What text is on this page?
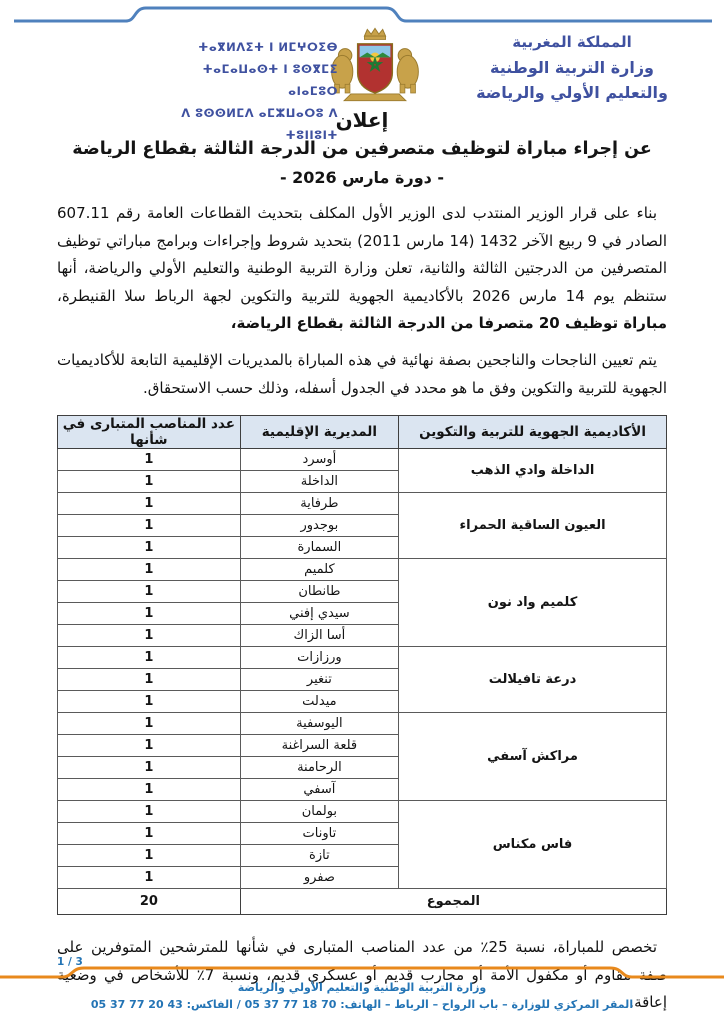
المملكة المغربية
وزارة التربية الوطنية
والتعليم الأولي والرياضة
ⵜⴰⴳⵍⴷⵉⵜ ⵏ ⵍⵎⵖⵔⵉⴱ
ⵜⴰⵎⴰⵡⴰⵙⵜ ⵏ ⵓⵙⴳⵎⵉ ⴰⵏⴰⵎⵓⵔ
ⴷ ⵓⵙⵙⵍⵎⴷ ⴰⵎⵣⵡⴰⵔⵓ ⴷ ⵜⵓⵏⵏⵓⵏⵜ
إعلان
عن إجراء مباراة لتوظيف متصرفين من الدرجة الثالثة بقطاع الرياضة
- دورة مارس 2026 -

بناء على قرار الوزير المنتدب لدى الوزير الأول المكلف بتحديث القطاعات العامة رقم 607.11 الصادر في 9 ربيع الآخر 1432 (14 مارس 2011) بتحديد شروط وإجراءات وبرامج مباراتي توظيف المتصرفين من الدرجتين الثالثة والثانية، تعلن وزارة التربية الوطنية والتعليم الأولي والرياضة، أنها ستنظم يوم 14 مارس 2026 بالأكاديمية الجهوية للتربية والتكوين لجهة الرباط سلا القنيطرة، مباراة توظيف 20 متصرفا من الدرجة الثالثة بقطاع الرياضة،

يتم تعيين الناجحات والناجحين بصفة نهائية في هذه المباراة بالمديريات الإقليمية التابعة للأكاديميات الجهوية للتربية والتكوين وفق ما هو محدد في الجدول أسفله، وذلك حسب الاستحقاق.

الأكاديمية الجهوية للتربية والتكوين	المديرية الإقليمية	عدد المناصب المتبارى في شأنها
الداخلة وادي الذهب	أوسرد	1
	الداخلة	1
العيون الساقية الحمراء	طرفاية	1
	بوجدور	1
	السمارة	1
كلميم واد نون	كلميم	1
	طانطان	1
	سيدي إفني	1
	أسا الزاك	1
درعة تافيلالت	ورزازات	1
	تنغير	1
	ميدلت	1
مراكش آسفي	اليوسفية	1
	قلعة السراغنة	1
	الرحامنة	1
	آسفي	1
فاس مكناس	بولمان	1
	تاونات	1
	تازة	1
	صفرو	1
المجموع		20

تخصص للمباراة، نسبة 25٪ من عدد المناصب المتبارى في شأنها للمترشحين المتوفرين على صفة مقاوم أو مكفول الأمة أو محارب قديم أو عسكري قديم، ونسبة 7٪ للأشخاص في وضعية إعاقة.

1 / 3
وزارة التربية الوطنية والتعليم الأولي والرياضة
المقر المركزي للوزارة – باب الرواح – الرباط – الهاتف: 05 37 77 18 70 / الفاكس: 05 37 77 20 43
